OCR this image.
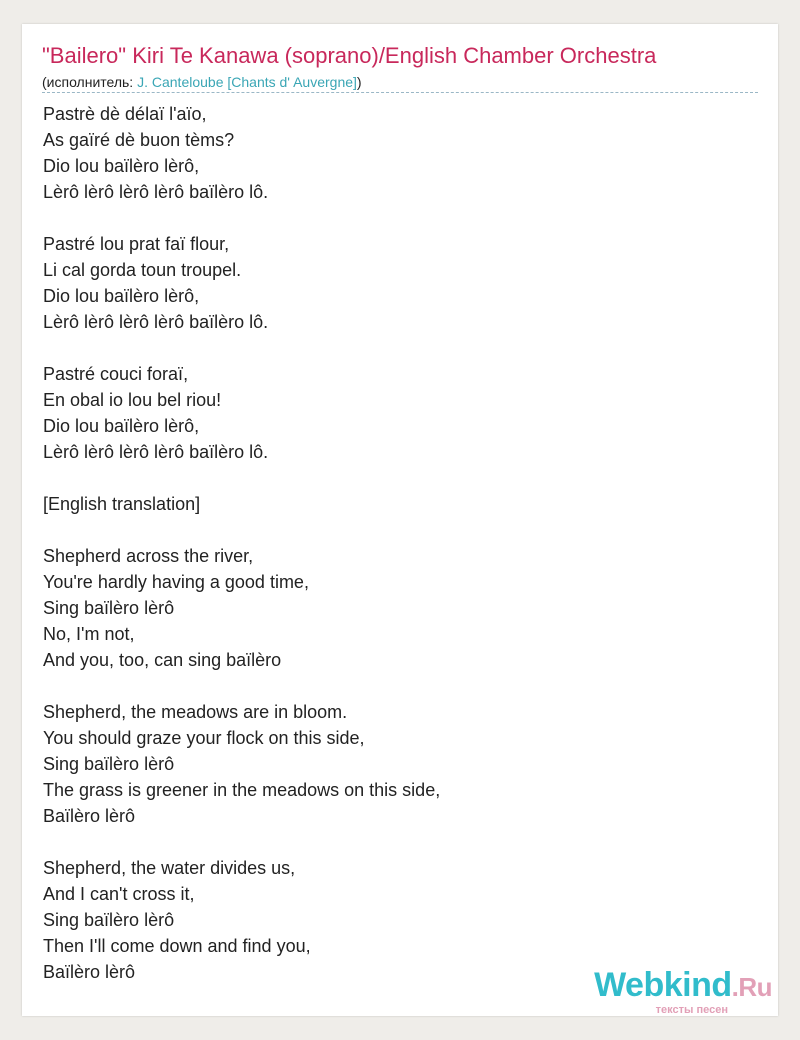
"Bailero" Kiri Te Kanawa (soprano)/English Chamber Orchestra
(исполнитель: J. Canteloube [Chants d' Auvergne])
Pastrè dè délaï l'aïo,
As gaïré dè buon tèms?
Dio lou baïlèro lèrô,
Lèrô lèrô lèrô lèrô baïlèro lô.
Pastré lou prat faï flour,
Li cal gorda toun troupel.
Dio lou baïlèro lèrô,
Lèrô lèrô lèrô lèrô baïlèro lô.
Pastré couci foraï,
En obal io lou bel riou!
Dio lou baïlèro lèrô,
Lèrô lèrô lèrô lèrô baïlèro lô.
[English translation]
Shepherd across the river,
You're hardly having a good time,
Sing baïlèro lèrô
No, I'm not,
And you, too, can sing baïlèro
Shepherd, the meadows are in bloom.
You should graze your flock on this side,
Sing baïlèro lèrô
The grass is greener in the meadows on this side,
Baïlèro lèrô
Shepherd, the water divides us,
And I can't cross it,
Sing baïlèro lèrô
Then I'll come down and find you,
Baïlèro lèrô	Webkind.Ru
тексты песен
